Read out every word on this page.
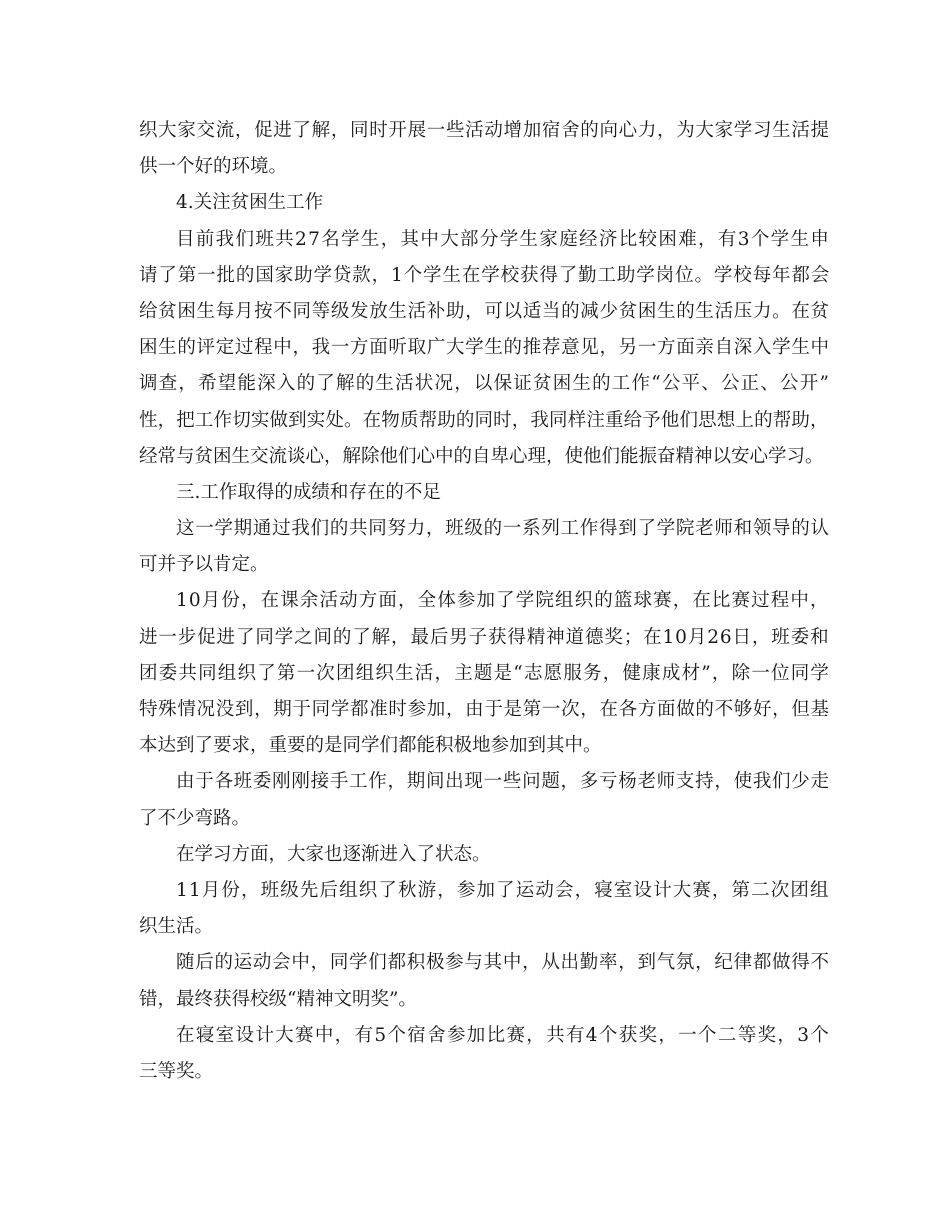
织大家交流，促进了解，同时开展一些活动增加宿舍的向心力，为大家学习生活提
供一个好的环境。
4.关注贫困生工作
目前我们班共27名学生，其中大部分学生家庭经济比较困难，有3个学生申
请了第一批的国家助学贷款，1个学生在学校获得了勤工助学岗位。学校每年都会
给贫困生每月按不同等级发放生活补助，可以适当的减少贫困生的生活压力。在贫
困生的评定过程中，我一方面听取广大学生的推荐意见，另一方面亲自深入学生中
调查，希望能深入的了解的生活状况，以保证贫困生的工作“公平、公正、公开”
性，把工作切实做到实处。在物质帮助的同时，我同样注重给予他们思想上的帮助，
经常与贫困生交流谈心，解除他们心中的自卑心理，使他们能振奋精神以安心学习。
三.工作取得的成绩和存在的不足
这一学期通过我们的共同努力，班级的一系列工作得到了学院老师和领导的认
可并予以肯定。
10月份，在课余活动方面，全体参加了学院组织的篮球赛，在比赛过程中，
进一步促进了同学之间的了解，最后男子获得精神道德奖；在10月26日，班委和
团委共同组织了第一次团组织生活，主题是“志愿服务，健康成材”，除一位同学
特殊情况没到，期于同学都准时参加，由于是第一次，在各方面做的不够好，但基
本达到了要求，重要的是同学们都能积极地参加到其中。
由于各班委刚刚接手工作，期间出现一些问题，多亏杨老师支持，使我们少走
了不少弯路。
在学习方面，大家也逐渐进入了状态。
11月份，班级先后组织了秋游，参加了运动会，寝室设计大赛，第二次团组
织生活。
随后的运动会中，同学们都积极参与其中，从出勤率，到气氛，纪律都做得不
错，最终获得校级“精神文明奖”。
在寝室设计大赛中，有5个宿舍参加比赛，共有4个获奖，一个二等奖，3个
三等奖。
